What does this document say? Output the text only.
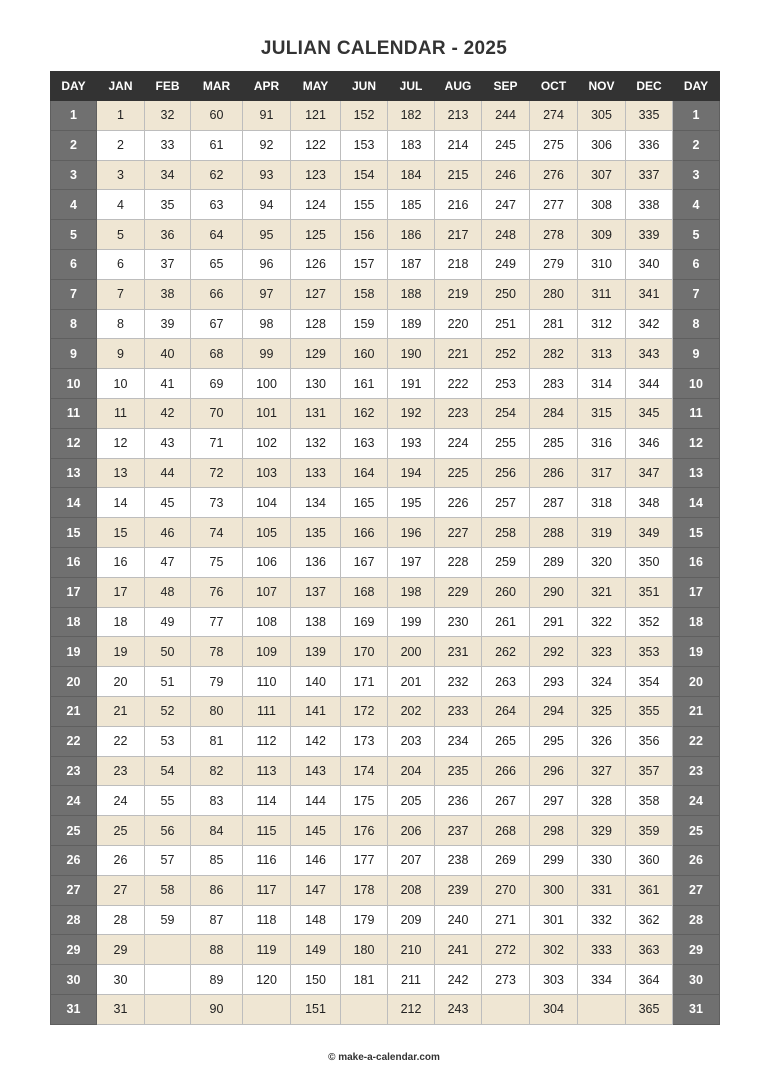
JULIAN CALENDAR - 2025
DAY	JAN	FEB	MAR	APR	MAY	JUN	JUL	AUG	SEP	OCT	NOV	DEC	DAY
1	1	32	60	91	121	152	182	213	244	274	305	335	1
2	2	33	61	92	122	153	183	214	245	275	306	336	2
3	3	34	62	93	123	154	184	215	246	276	307	337	3
4	4	35	63	94	124	155	185	216	247	277	308	338	4
5	5	36	64	95	125	156	186	217	248	278	309	339	5
6	6	37	65	96	126	157	187	218	249	279	310	340	6
7	7	38	66	97	127	158	188	219	250	280	311	341	7
8	8	39	67	98	128	159	189	220	251	281	312	342	8
9	9	40	68	99	129	160	190	221	252	282	313	343	9
10	10	41	69	100	130	161	191	222	253	283	314	344	10
11	11	42	70	101	131	162	192	223	254	284	315	345	11
12	12	43	71	102	132	163	193	224	255	285	316	346	12
13	13	44	72	103	133	164	194	225	256	286	317	347	13
14	14	45	73	104	134	165	195	226	257	287	318	348	14
15	15	46	74	105	135	166	196	227	258	288	319	349	15
16	16	47	75	106	136	167	197	228	259	289	320	350	16
17	17	48	76	107	137	168	198	229	260	290	321	351	17
18	18	49	77	108	138	169	199	230	261	291	322	352	18
19	19	50	78	109	139	170	200	231	262	292	323	353	19
20	20	51	79	110	140	171	201	232	263	293	324	354	20
21	21	52	80	111	141	172	202	233	264	294	325	355	21
22	22	53	81	112	142	173	203	234	265	295	326	356	22
23	23	54	82	113	143	174	204	235	266	296	327	357	23
24	24	55	83	114	144	175	205	236	267	297	328	358	24
25	25	56	84	115	145	176	206	237	268	298	329	359	25
26	26	57	85	116	146	177	207	238	269	299	330	360	26
27	27	58	86	117	147	178	208	239	270	300	331	361	27
28	28	59	87	118	148	179	209	240	271	301	332	362	28
29	29		88	119	149	180	210	241	272	302	333	363	29
30	30		89	120	150	181	211	242	273	303	334	364	30
31	31		90		151		212	243		304		365	31
© make-a-calendar.com
